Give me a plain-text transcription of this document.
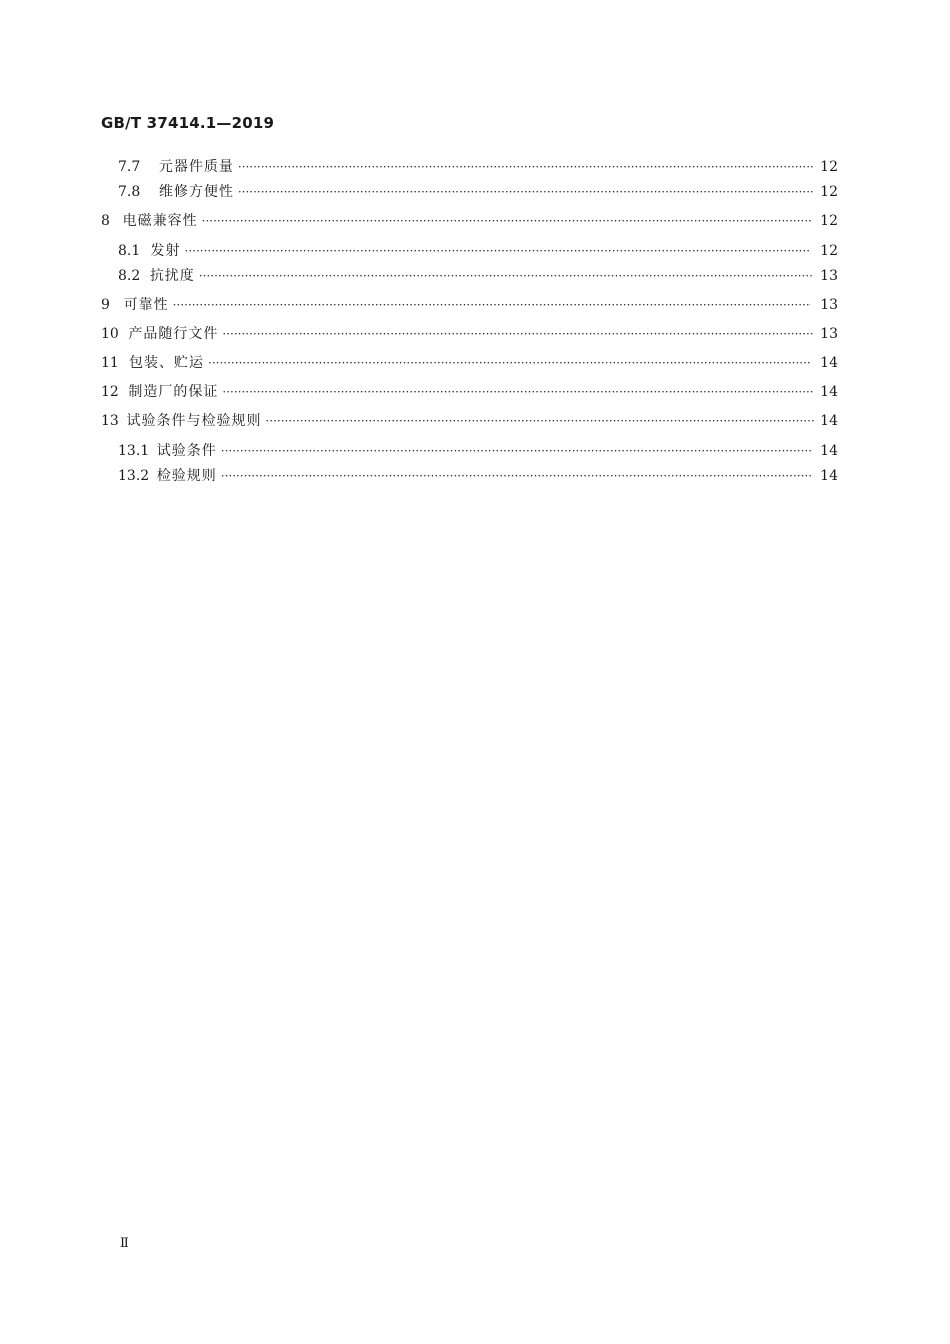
GB/T 37414.1—2019
7.7	元器件质量 ·····	12
7.8	维修方便性 ·····	12
8 电磁兼容性 ·····	12
8.1 发射 ·····	12
8.2 抗扰度 ·····	13
9 可靠性 ·····	13
10 产品随行文件 ·····	13
11 包装、贮运 ·····	14
12 制造厂的保证 ·····	14
13 试验条件与检验规则 ·····	14
13.1 试验条件 ·····	14
13.2 检验规则 ·····	14
Ⅱ
